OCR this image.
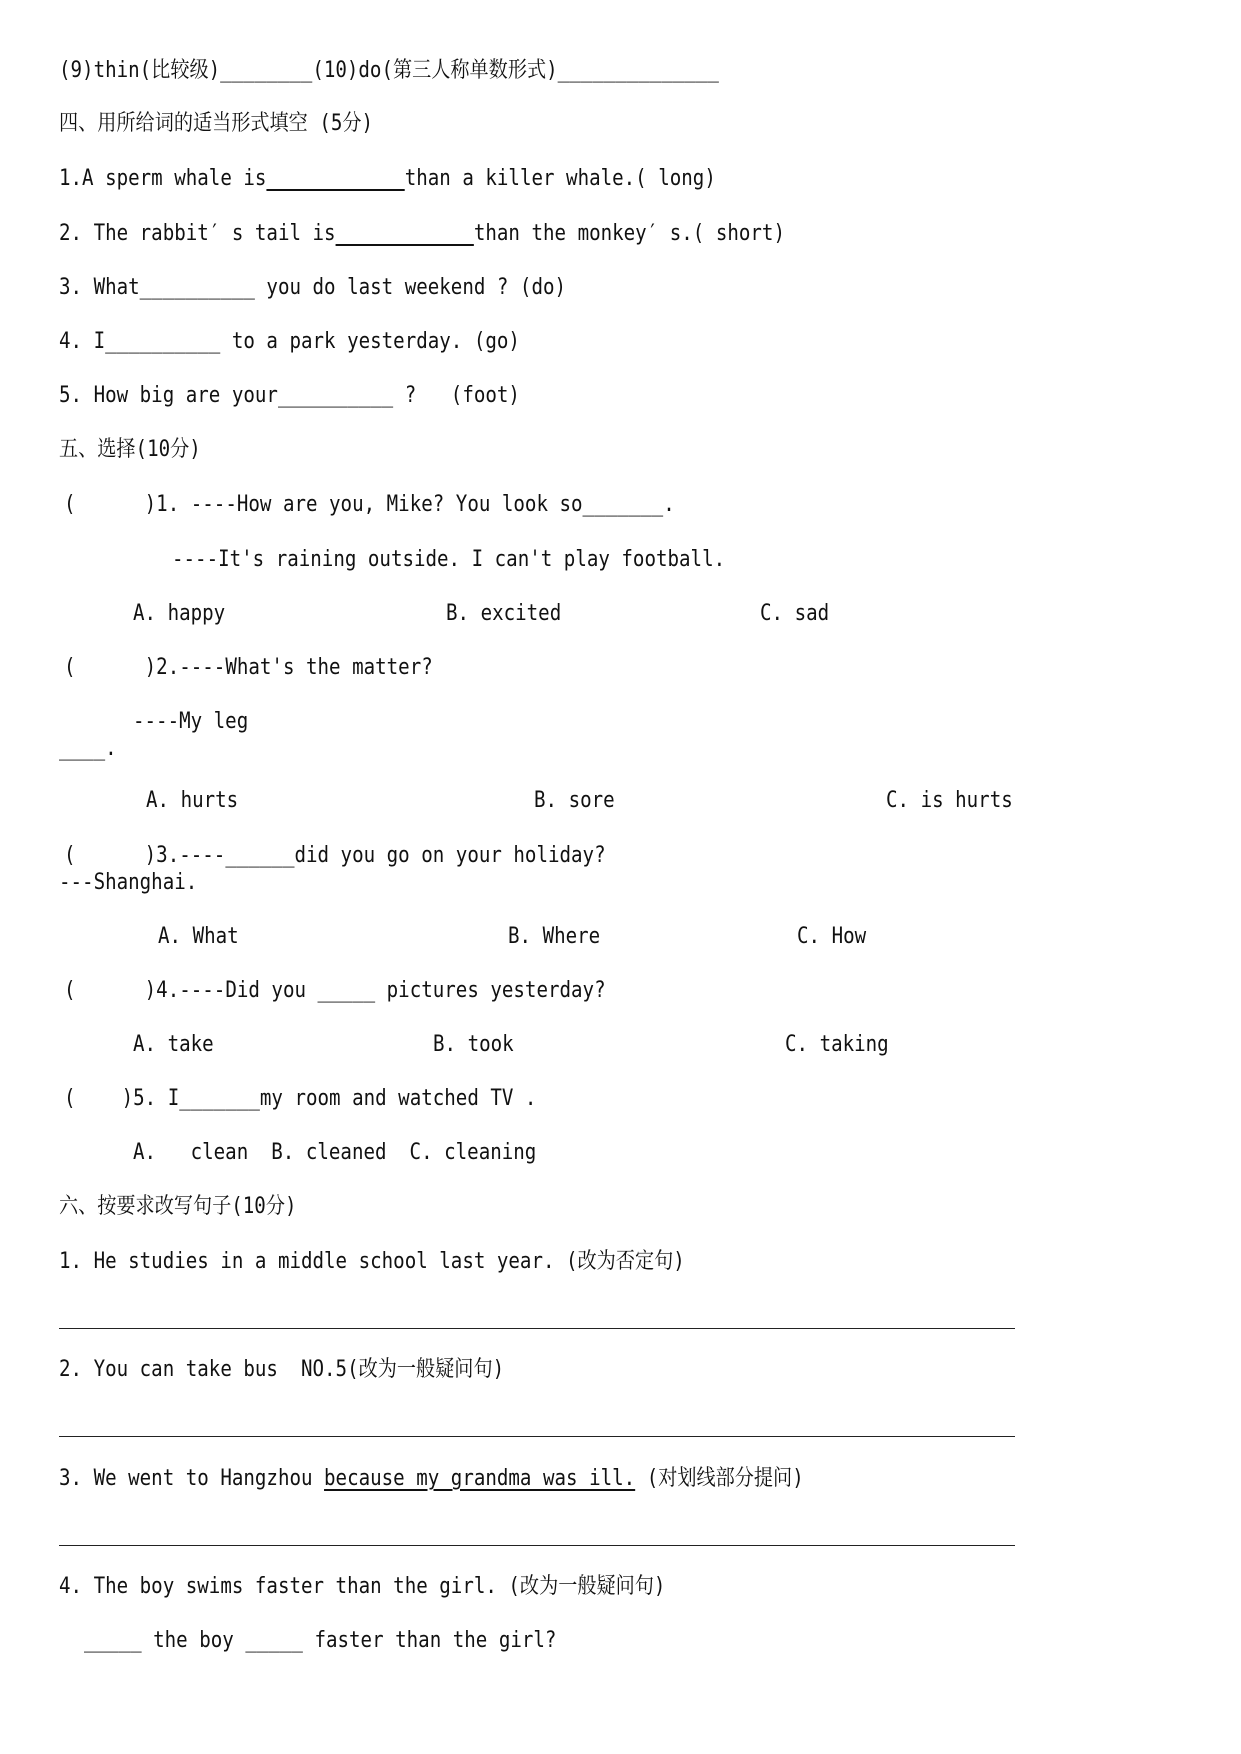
(9)thin(比较级)________(10)do(第三人称单数形式)______________
四、用所给词的适当形式填空 (5分)
1.A sperm whale is	than a killer whale.( long)
2. The rabbit′ s tail is	than the monkey′ s.( short)
3. What__________ you do last weekend ? (do)
4. I__________ to a park yesterday. (go)
5. How big are your__________ ?   (foot)
五、选择(10分)
(      )1. ----How are you, Mike? You look so_______.
----It's raining outside. I can't play football.
A. happy	B. excited	C. sad
(      )2.----What's the matter?
----My leg
____.
A. hurts	B. sore	C. is hurts
(      )3.----______did you go on your holiday?
---Shanghai.
A. What	B. Where	C. How
(      )4.----Did you _____ pictures yesterday?
A. take	B. took	C. taking
(    )5. I_______my room and watched TV .
A.   clean  B. cleaned  C. cleaning
六、按要求改写句子(10分)
1. He studies in a middle school last year. (改为否定句)
2. You can take bus  NO.5(改为一般疑问句)
3. We went to Hangzhou because my grandma was ill. (对划线部分提问)
4. The boy swims faster than the girl. (改为一般疑问句)
_____ the boy _____ faster than the girl?
